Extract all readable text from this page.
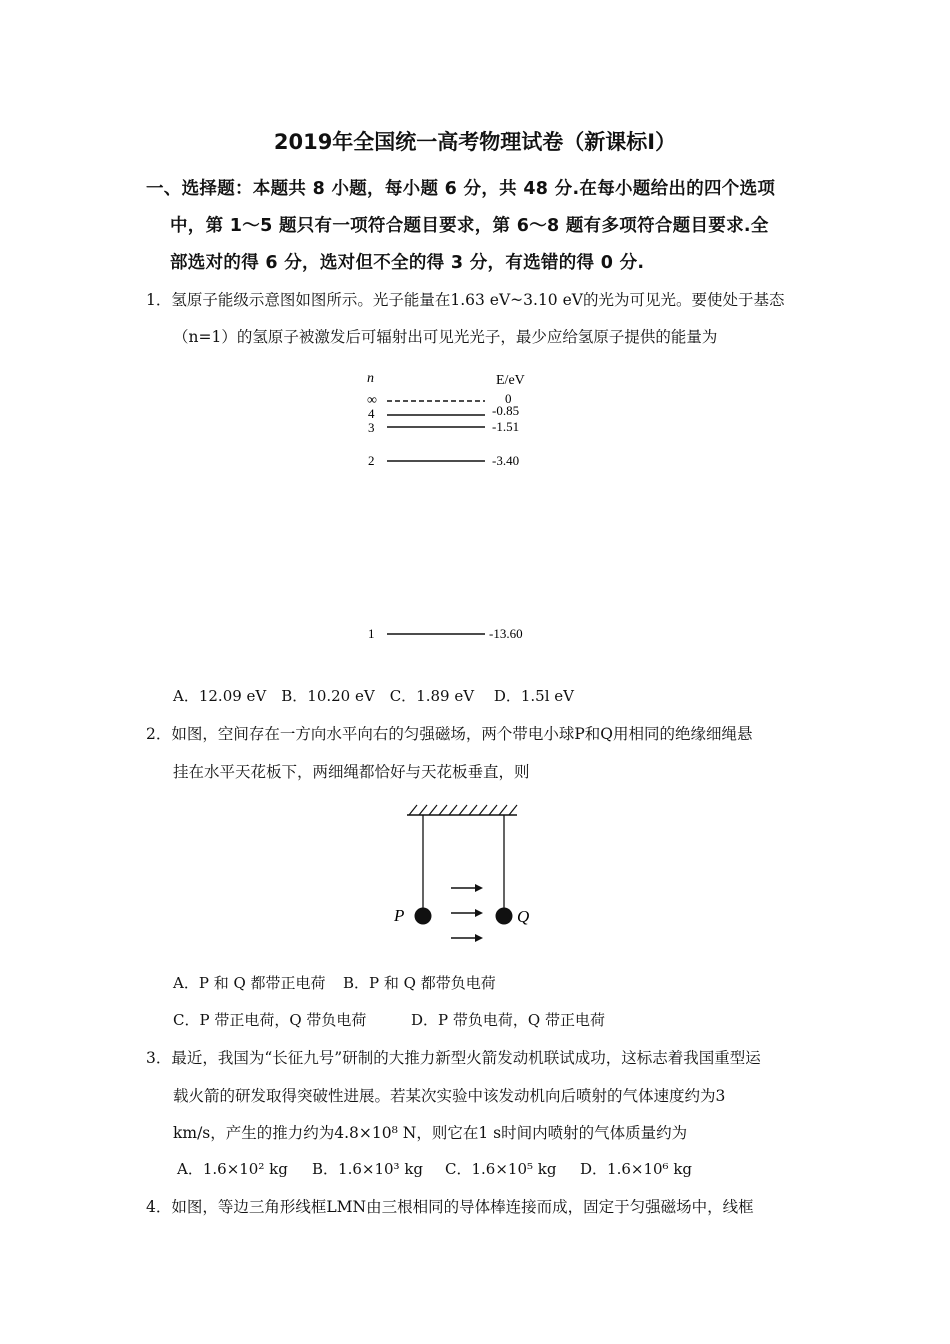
2019年全国统一高考物理试卷（新课标Ⅰ）
一、选择题：本题共 8 小题，每小题 6 分，共 48 分.在每小题给出的四个选项
中，第 1～5 题只有一项符合题目要求，第 6～8 题有多项符合题目要求.全
部选对的得 6 分，选对但不全的得 3 分，有选错的得 0 分.
1．氢原子能级示意图如图所示。光子能量在1.63 eV~3.10 eV的光为可见光。要使处于基态
（n=1）的氢原子被激发后可辐射出可见光光子，最少应给氢原子提供的能量为
n	E/eV
∞	0
4	-0.85
3	-1.51
2	-3.40
1	-13.60
A．12.09 eV　B．10.20 eV　C．1.89 eV　 D．1.5l eV
2．如图，空间存在一方向水平向右的匀强磁场，两个带电小球P和Q用相同的绝缘细绳悬
挂在水平天花板下，两细绳都恰好与天花板垂直，则
P	Q
A．P 和 Q 都带正电荷 B．P 和 Q 都带负电荷
C．P 带正电荷，Q 带负电荷	D．P 带负电荷，Q 带正电荷
3．最近，我国为“长征九号”研制的大推力新型火箭发动机联试成功，这标志着我国重型运
载火箭的研发取得突破性进展。若某次实验中该发动机向后喷射的气体速度约为3
km/s，产生的推力约为4.8×10⁸ N，则它在1 s时间内喷射的气体质量约为
A．1.6×10² kg B．1.6×10³ kg C．1.6×10⁵ kg D．1.6×10⁶ kg
4．如图，等边三角形线框LMN由三根相同的导体棒连接而成，固定于匀强磁场中，线框
